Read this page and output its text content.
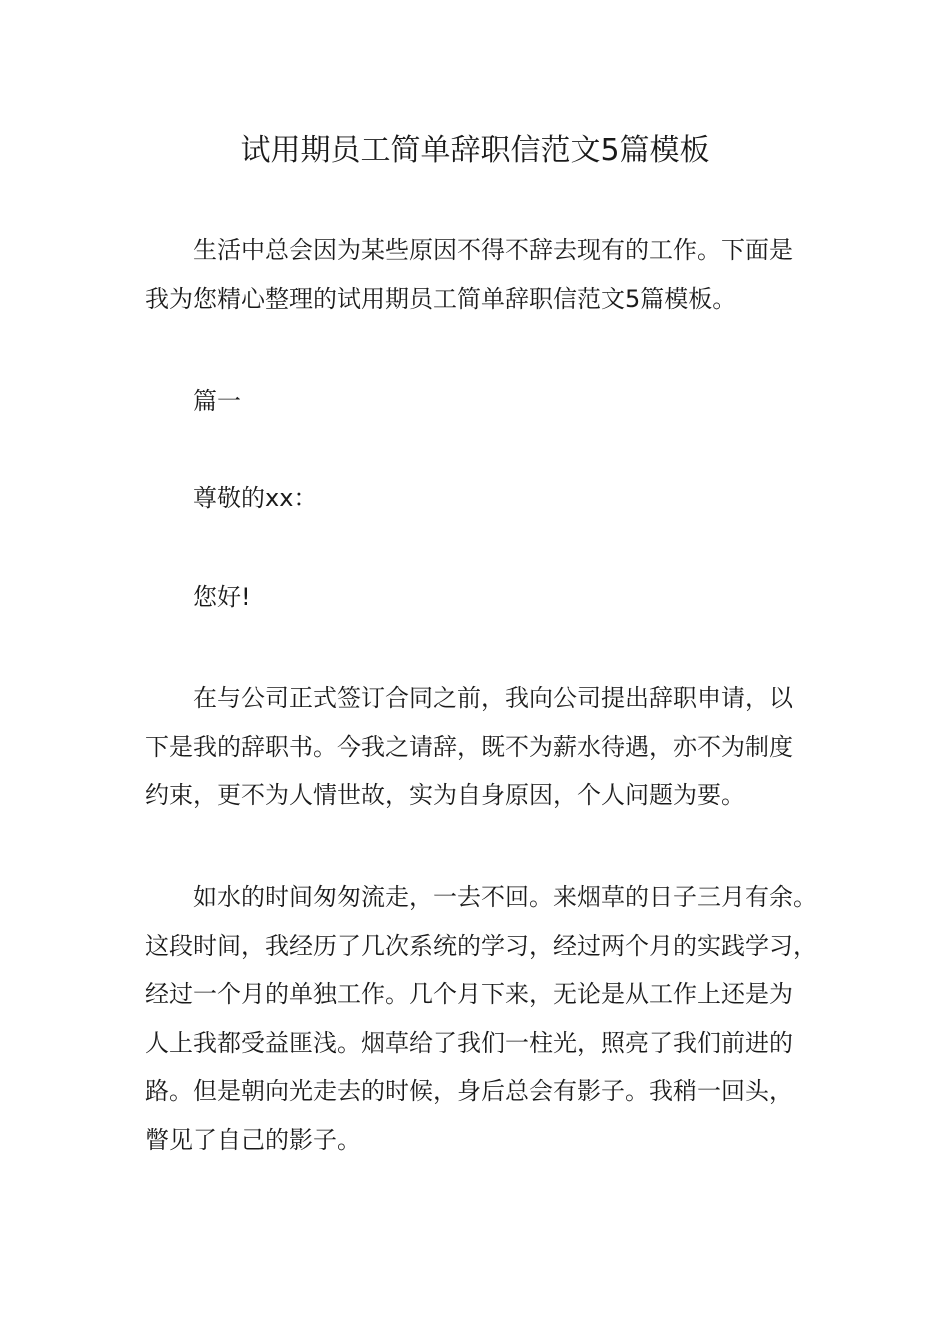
试用期员工简单辞职信范文5篇模板

生活中总会因为某些原因不得不辞去现有的工作。下面是
我为您精心整理的试用期员工简单辞职信范文5篇模板。

篇一

尊敬的xx：

您好!

在与公司正式签订合同之前，我向公司提出辞职申请，以
下是我的辞职书。今我之请辞，既不为薪水待遇，亦不为制度
约束，更不为人情世故，实为自身原因，个人问题为要。

如水的时间匆匆流走，一去不回。来烟草的日子三月有余。
这段时间，我经历了几次系统的学习，经过两个月的实践学习，
经过一个月的单独工作。几个月下来，无论是从工作上还是为
人上我都受益匪浅。烟草给了我们一柱光，照亮了我们前进的
路。但是朝向光走去的时候，身后总会有影子。我稍一回头，
瞥见了自己的影子。
